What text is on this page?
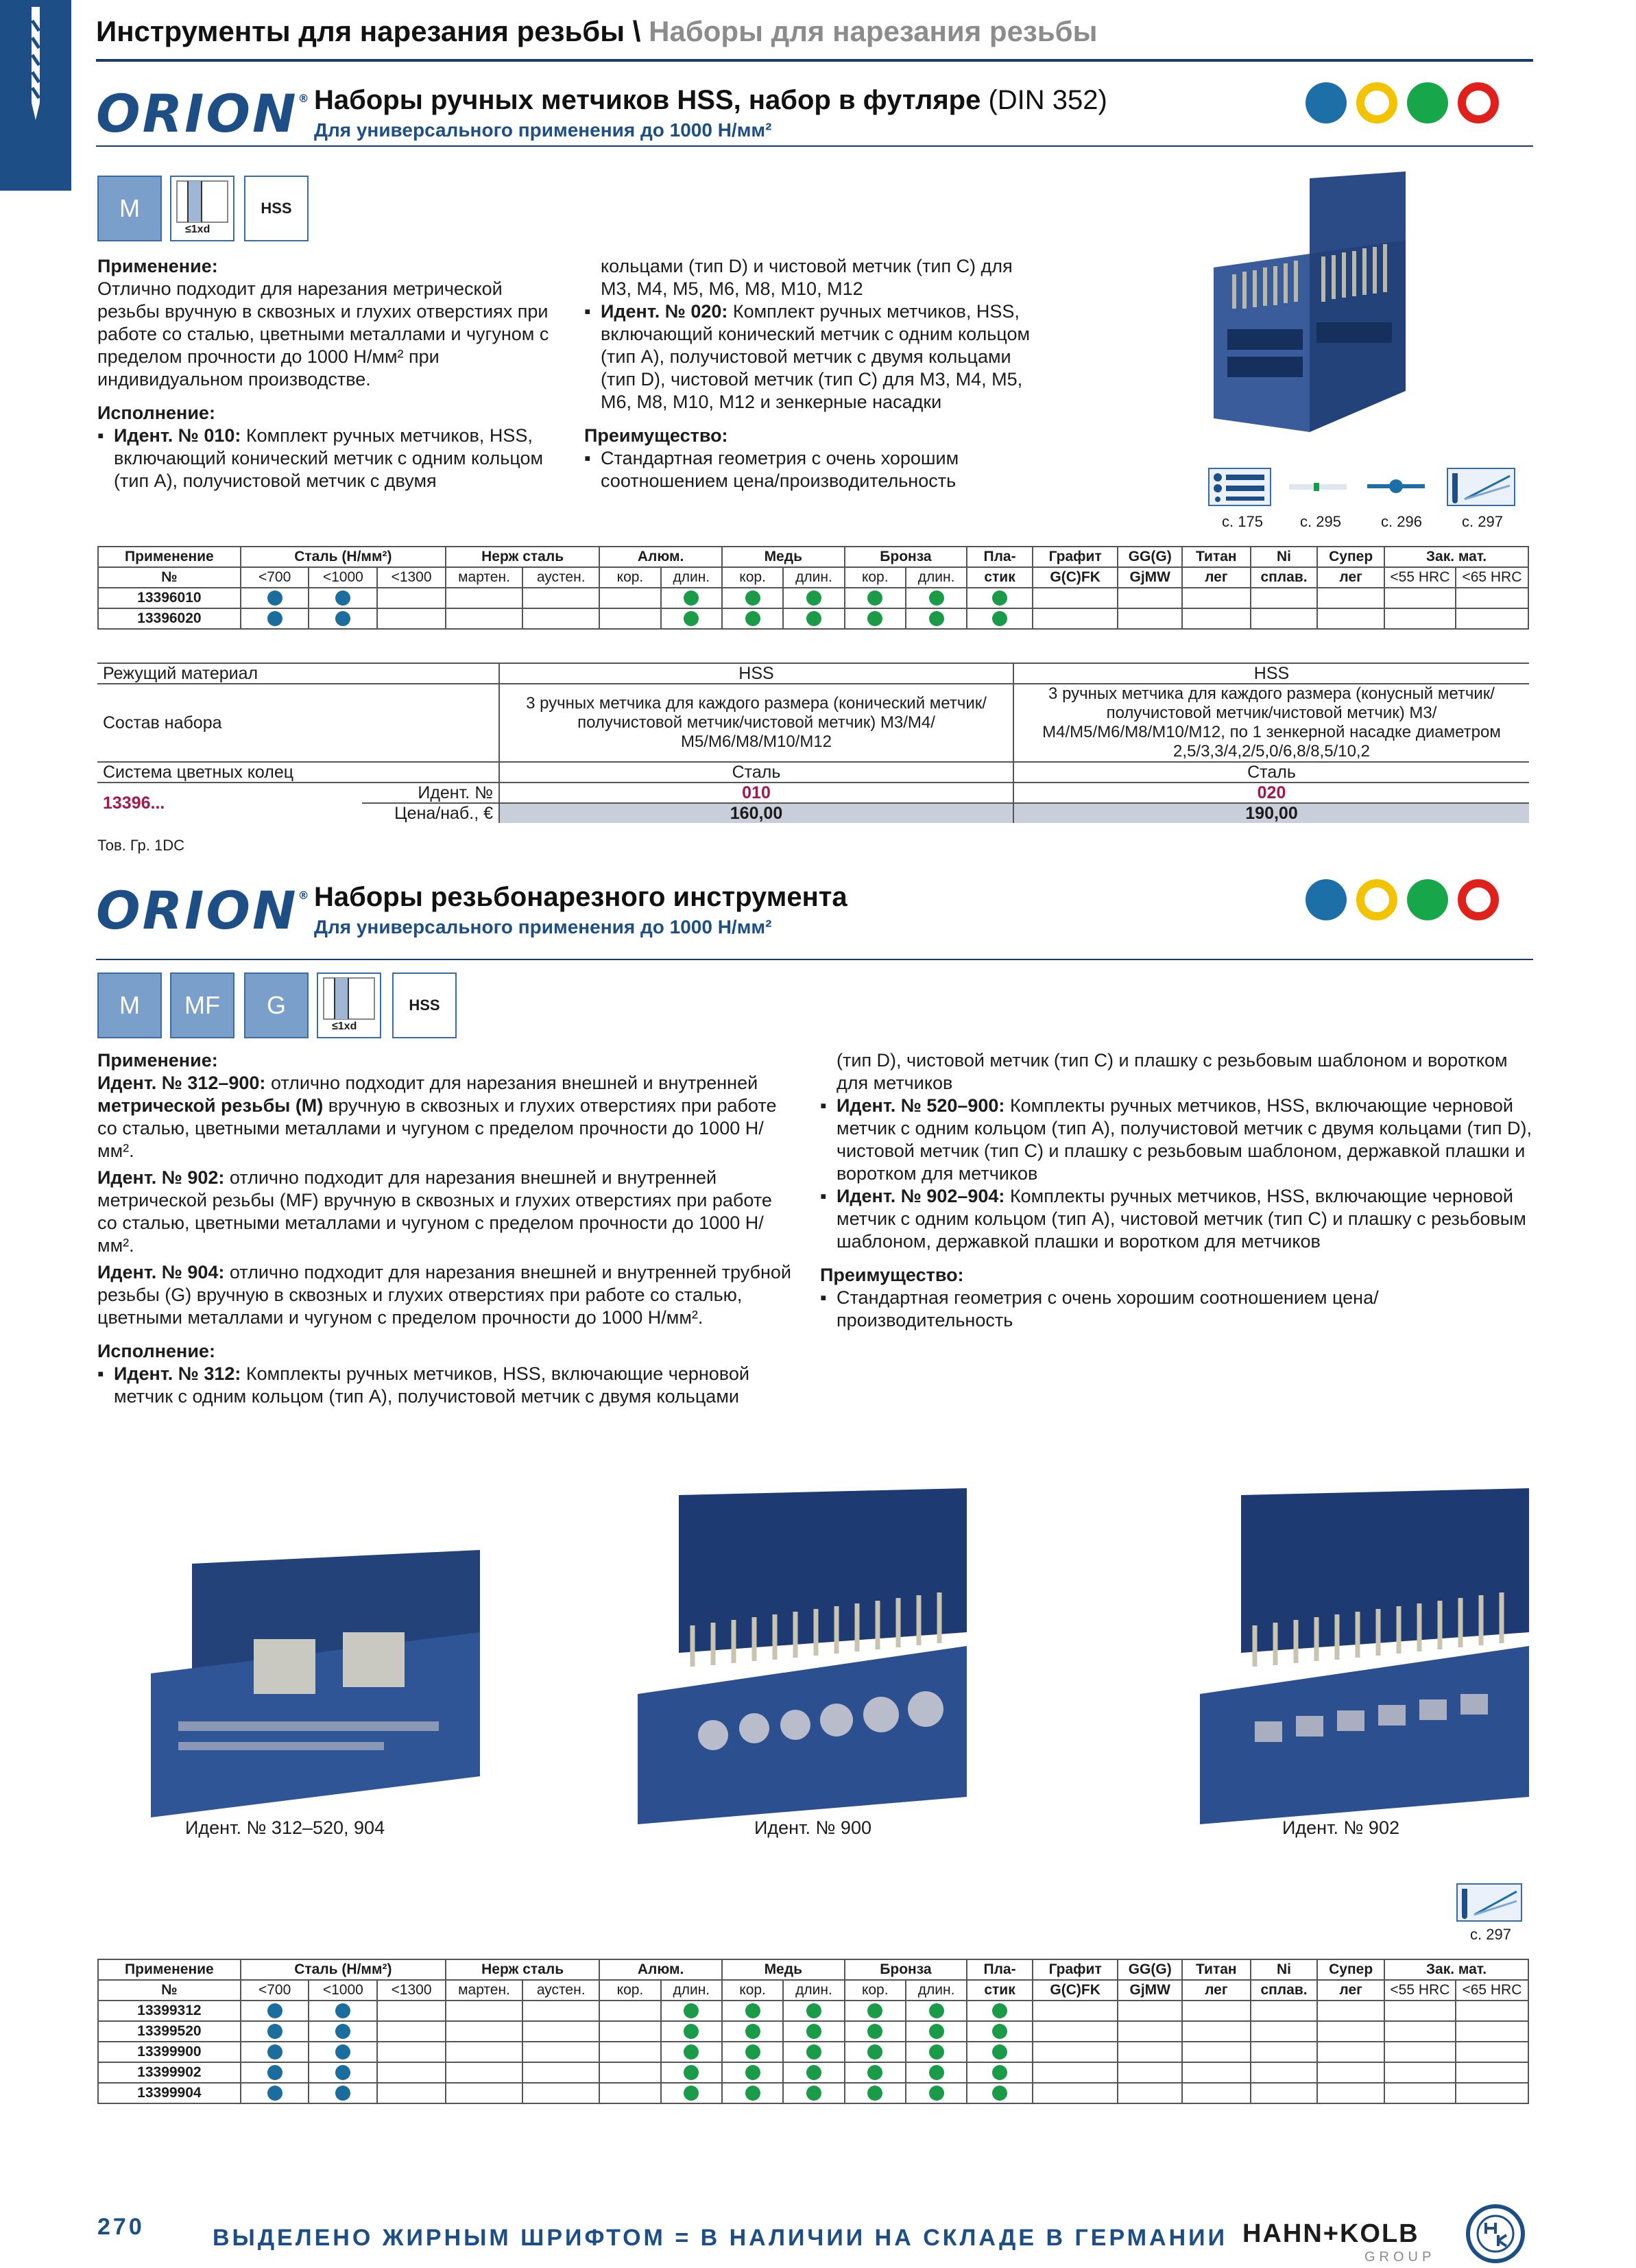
Инструменты для нарезания резьбы \ Наборы для нарезания резьбы
ORION® Наборы ручных метчиков HSS, набор в футляре (DIN 352)
Для универсального применения до 1000 Н/мм²
M
≤1xd
HSS
Применение:
Отлично подходит для нарезания метрической резьбы вручную в сквозных и глухих отверстиях при работе со сталью, цветными металлами и чугуном с пределом прочности до 1000 Н/мм² при индивидуальном производстве.
Исполнение:
▪ Идент. № 010: Комплект ручных метчиков, HSS, включающий конический метчик с одним кольцом (тип A), получистовой метчик с двумя
кольцами (тип D) и чистовой метчик (тип C) для M3, M4, M5, M6, M8, M10, M12
▪ Идент. № 020: Комплект ручных метчиков, HSS, включающий конический метчик с одним кольцом (тип A), получистовой метчик с двумя кольцами (тип D), чистовой метчик (тип C) для M3, M4, M5, M6, M8, M10, M12 и зенкерные насадки
Преимущество:
▪ Стандартная геометрия с очень хорошим соотношением цена/производительность
с. 175 с. 295	с. 296	с. 297
Применение	Сталь (Н/мм²)			Нерж сталь		Алюм.		Медь		Бронза		Пла-	Графит	GG(G)	Титан	Ni	Супер	Зак. мат.	
№	<700	<1000	<1300	мартен.	аустен.	кор.	длин.	кор.	длин.	кор.	длин.	стик	G(C)FK	GjMW	лег	сплав.	лег	<55 HRC	<65 HRC
13396010																			
13396020																			
Режущий материал		HSS	HSS
Состав набора		3 ручных метчика для каждого размера (конический метчик/получистовой метчик/чистовой метчик) M3/M4/ M5/M6/M8/M10/M12	3 ручных метчика для каждого размера (конусный метчик/получистовой метчик/чистовой метчик) M3/ M4/M5/M6/M8/M10/M12, по 1 зенкерной насадке диаметром 2,5/3,3/4,2/5,0/6,8/8,5/10,2
Система цветных колец		Сталь	Сталь
13396...	Идент. №	010	020
	Цена/наб., €	160,00	190,00
Тов. Гр. 1DC
ORION® Наборы резьбонарезного инструмента
Для универсального применения до 1000 Н/мм²
M	MF	G
≤1xd
HSS
Применение:
Идент. № 312–900: отлично подходит для нарезания внешней и внутренней метрической резьбы (M) вручную в сквозных и глухих отверстиях при работе со сталью, цветными металлами и чугуном с пределом прочности до 1000 Н/мм².
Идент. № 902: отлично подходит для нарезания внешней и внутренней метрической резьбы (MF) вручную в сквозных и глухих отверстиях при работе со сталью, цветными металлами и чугуном с пределом прочности до 1000 Н/мм².
Идент. № 904: отлично подходит для нарезания внешней и внутренней трубной резьбы (G) вручную в сквозных и глухих отверстиях при работе со сталью, цветными металлами и чугуном с пределом прочности до 1000 Н/мм².
Исполнение:
▪ Идент. № 312: Комплекты ручных метчиков, HSS, включающие черновой метчик с одним кольцом (тип A), получистовой метчик с двумя кольцами
(тип D), чистовой метчик (тип C) и плашку с резьбовым шаблоном и воротком для метчиков
▪ Идент. № 520–900: Комплекты ручных метчиков, HSS, включающие черновой метчик с одним кольцом (тип A), получистовой метчик с двумя кольцами (тип D), чистовой метчик (тип C) и плашку с резьбовым шаблоном, державкой плашки и воротком для метчиков
▪ Идент. № 902–904: Комплекты ручных метчиков, HSS, включающие черновой метчик с одним кольцом (тип A), чистовой метчик (тип C) и плашку с резьбовым шаблоном, державкой плашки и воротком для метчиков
Преимущество:
▪ Стандартная геометрия с очень хорошим соотношением цена/производительность
Идент. № 312–520, 904	Идент. № 900	Идент. № 902
с. 297
Применение	Сталь (Н/мм²)			Нерж сталь		Алюм.		Медь		Бронза		Пла-	Графит	GG(G)	Титан	Ni	Супер	Зак. мат.	
№	<700	<1000	<1300	мартен.	аустен.	кор.	длин.	кор.	длин.	кор.	длин.	стик	G(C)FK	GjMW	лег	сплав.	лег	<55 HRC	<65 HRC
13399312																			
13399520																			
13399900																			
13399902																			
13399904																			
270	ВЫДЕЛЕНО ЖИРНЫМ ШРИФТОМ = В НАЛИЧИИ НА СКЛАДЕ В ГЕРМАНИИ HAHN+KOLB
GROUP
